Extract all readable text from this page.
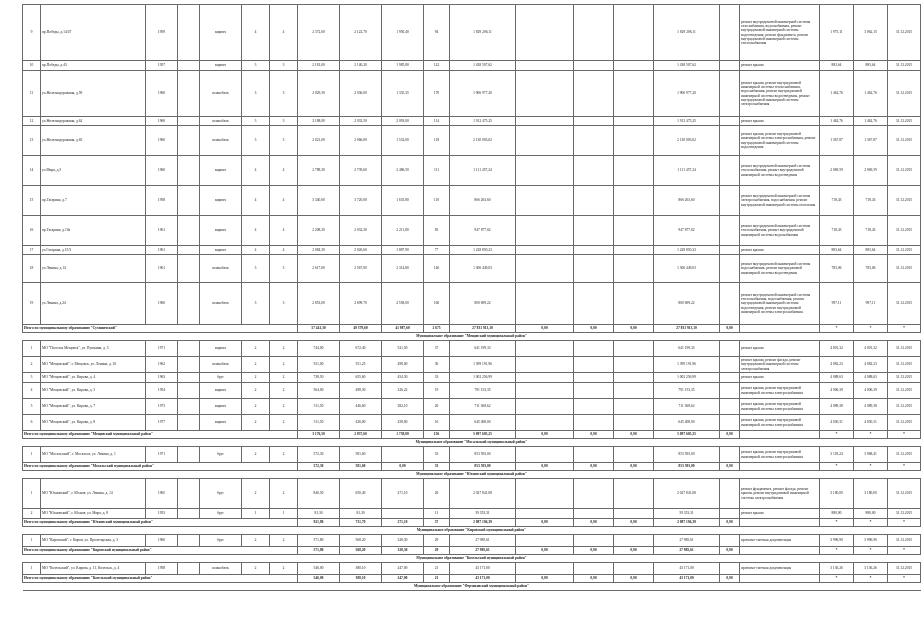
9	пр.Победы, д.14/47	1959		кирпич	4	4	2 372,00	2 122,70	1 950,40	94	1 829 206,11				1 829 206,11		ремонт внутридомовой инженерной системы газоснабжения, водоснабжения, ремонт внутридомовой инженерной системы водоотведения, ремонт фундамента, ремонт внутридомовой инженерной системы теплоснабжения	1 975,11	3 062,15	31.12.2015
10	пр.Победы, д.43	1957		кирпич	3	3	2 181,00	2 140,20	1 985,80	122	1 438 507,62				1 438 507,62		ремонт крыши	883,64	883,64	31.12.2015
11	ул.Железнодорожная, д.59	1960		шлакоблок	3	3	2 029,30	2 036,00	1 335,35	170	1 906 977,20				1 906 977,20		ремонт крыши, ремонт внутридомовой инженерной системы теплоснабжения, водоснабжения, ремонт внутридомовой инженерной системы водоотведения, ремонт внутридомовой инженерной системы электроснабжения	1 462,76	1 462,76	31.12.2015
12	ул.Железнодорожная, д.62	1960		шлакоблок	3	3	2 188,00	2 033,50	2 093,00	114	1 912 475,25				1 912 475,25		ремонт крыши	1 462,76	1 462,76	31.12.2015
13	ул.Железнодорожная, д.65	1960		шлакоблок	3	3	2 021,00	2 066,00	1 532,00	118	2 130 003,02				2 130 003,02		ремонт крыши, ремонт внутридомовой инженерной системы электроснабжения, ремонт внутридомовой инженерной системы водоотведения	1 367,87	1 367,87	31.12.2015
14	ул.Мира, д.5	1960		кирпич	4	4	2 788,30	2 739,60	2 486,50	111	1 111 457,24				1 111 457,24		ремонт внутридомовой инженерной системы теплоснабжения, ремонт внутридомовой инженерной системы водоотведения	2 069,59	2 069,59	31.12.2015
15	пр.Гагарина, д.7	1958		кирпич	4	4	3 340,00	3 720,00	1 635,80	110	866 263,60				866 263,60		ремонт внутридомовой инженерной системы электроснабжения, водоснабжения, ремонт внутридомовой инженерной системы отопления	718,43	718,43	31.12.2015
16	пр.Гагарина, д.10а	1961		кирпич	4	4	2 208,30	2 032,30	2 211,80	83	947 877,02				947 877,02		ремонт внутридомовой инженерной системы теплоснабжения, ремонт внутридомовой инженерной системы водоснабжения	718,43	718,43	31.12.2015
17	ул.Гагарина, д.15/3	1961		кирпич	4	4	2 084,30	2 026,60	1 887,90	77	1 228 850,23				1 228 850,23		ремонт крыши	883,64	883,64	31.12.2015
18	ул.Ленина, д.14	1961		шлакоблок	3	3	2 617,00	2 567,00	2 314,80	146	1 306 449,03				1 306 449,03		ремонт внутридомовой инженерной системы водоснабжения, ремонт внутридомовой инженерной системы водоотведения	783,06	783,06	31.12.2015
19	ул.Ленина, д.24	1960		шлакоблок	3	3	2 853,00	2 699,70	2 558,00	160	800 699,22				800 699,22		ремонт внутридомовой инженерной системы теплоснабжения, водоснабжения, ремонт внутридомовой инженерной системы водоотведения, ремонт внутридомовой инженерной системы электроснабжения	997,11	997,11	31.12.2015
Итого по муниципальному образованию "Сухиничский"							57 441,30	49 379,60	41 987,60	2 675	27 831 913,10	0,00	0,00	0,00	27 831 913,10	0,00		*	*	*
Муниципальное образование "Мещовский муниципальный район"																				
1	МО "Поселок Мещовск", ул. Пушкина, д. 5	1971		кирпич	2	2	744,00	672,40	521,50	37	641 199,33				641 199,33		ремонт крыши	4 001,32	4 001,32	31.12.2015
2	МО "Мещовский", г. Мещовск, ул. Ленина, д. 10	1962		шлакоблок	2	2	551,00	551,25	498,00	30	1 399 191,96				1 399 191,96		ремонт крыши, ремонт фасада, ремонт внутридомовой инженерной системы электроснабжения	4 082,23	4 082,23	31.12.2015
3	МО "Мещовский", ул. Кирова, д. 4	1963		брус	2	2	738,50	655,60	454,30	33	1 002 256,99				1 002 256,99		ремонт крыши	4 088,63	4 088,63	31.12.2015
4	МО "Мещовский", ул. Кирова, д. 5	1954		кирпич	2	2	564,00	498,30	326,22	19	791 153,35				791 153,35		ремонт крыши, ремонт внутридомовой инженерной системы электроснабжения	4 006,39	4 006,39	31.12.2015
5	МО "Мещовский", ул. Кирова, д. 7	1973		кирпич	2	2	511,50	446,60	382,10	26	711 368,62				711 368,62		ремонт крыши, ремонт внутридомовой инженерной системы электроснабжения	4 089,38	4 089,38	31.12.2015
6	МО "Мещовский", ул. Кирова, д. 8	1977		кирпич	2	2	511,50	426,00	258,00	16	645 408,00				645 408,00		ремонт крыши, ремонт внутридомовой инженерной системы электроснабжения	4 030,31	4 030,31	31.12.2015
Итого по муниципальному образованию "Мещовский муниципальный район"							3 176,50	2 837,60	1 738,00	156	5 097 605,25	0,00	0,00	0,00	5 097 605,25	0,00		*	*	*
Муниципальное образование "Мосальский муниципальный район"																				
1	МО "Мосальский", г. Мосальск, ул. Ленина, д. 1	1971		брус	2	2	572,30	581,60		33	853 593,00				853 593,00		ремонт крыши, ремонт внутридомовой инженерной системы электроснабжения	3 118,24	3 968,41	31.12.2015
Итого по муниципальному образованию "Мосальский муниципальный район"							572,30	581,60	0,00	33	853 593,00	0,00	0,00	0,00	853 593,00	0,00		*	*	*
Муниципальное образование "Юхновский муниципальный район"																				
1	МО "Юхновский", г. Юхнов, ул. Ленина, д. 14	1965		брус	2	2	840,50	650,40	271,10	26	2 027 841,08				2 027 841,08		ремонт фундамента, ремонт фасада, ремонт крыши, ремонт внутридомовой инженерной системы электроснабжения	3 180,00	3 180,00	31.12.2015
2	МО "Юхновский", г. Юхнов, ул. Мира, д. 8	1953		брус	1	1	81,30	81,30		11	59 353,31				59 353,31		ремонт крыши	880,00	880,00	31.12.2015
Итого по муниципальному образованию "Юхновский муниципальный район"							921,80	731,70	271,10	37	2 087 194,39	0,00	0,00	0,00	2 087 194,39	0,00		*	*	*
Муниципальное образование "Кировский муниципальный район"																				
1	МО "Кировский", г. Киров, ул. Пролетарская, д. 3	1960		брус	2	2	571,80	568,20	328,30	29	27 985,61				27 985,61		проектно-сметная документация	3 996,90	3 996,90	31.12.2015
Итого по муниципальному образованию "Кировский муниципальный район"							571,80	568,20	328,30	29	27 985,61	0,00	0,00	0,00	27 985,61	0,00		*	*	*
Муниципальное образование "Козельский муниципальный район"																				
1	МО "Козельский", ул. Кирова, д. 11, Козельск, д. 4	1958		шлакоблок	2	2	546,00	380,10	247,00	21	43 171,00				43 171,00		проектно-сметная документация	3 136,26	3 136,26	31.12.2015
Итого по муниципальному образованию "Козельский муниципальный район"							546,00	380,10	247,00	21	43 171,00	0,00	0,00	0,00	43 171,00	0,00		*	*	*
Муниципальное образование "Ферзиковский муниципальный район"																				
